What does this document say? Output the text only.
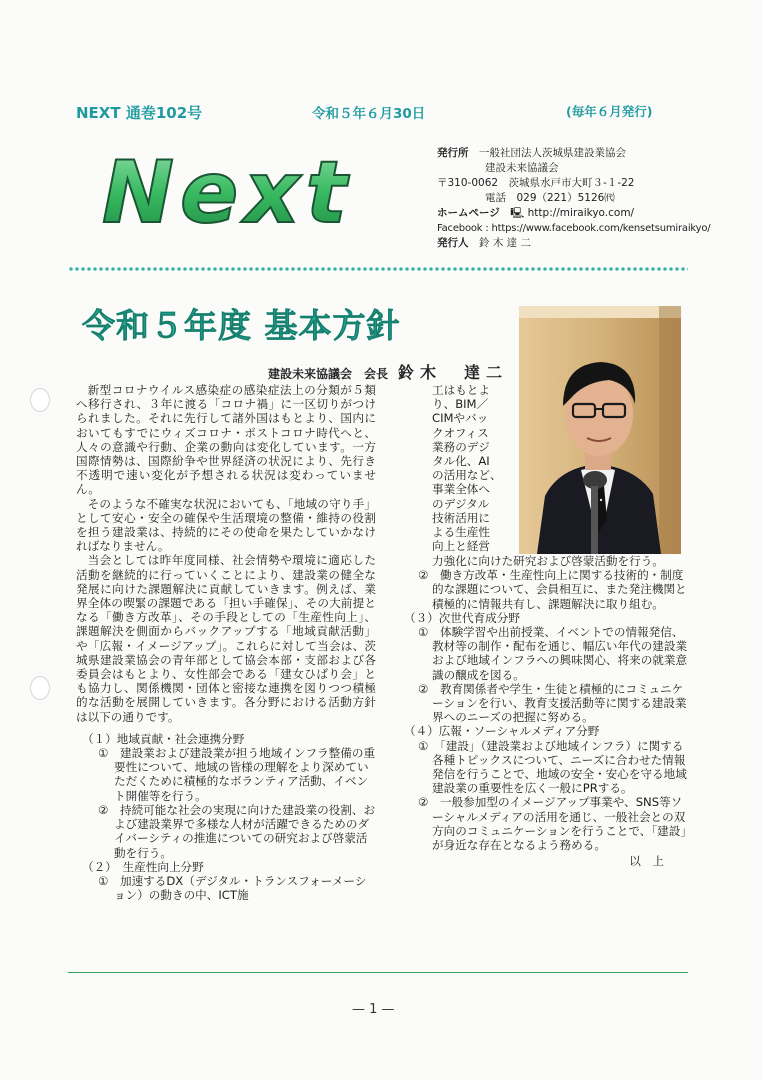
NEXT 通巻102号	令和５年６月30日	(毎年６月発行)
Next	発行所　 一般社団法人茨城県建設業協会
建設未来協議会
〒310-0062　茨城県水戸市大町３-１-22
電話　029（221）5126㈹
ホームページ　 🖳 http://miraikyo.com/
Facebook : https://www.facebook.com/kensetsumiraikyo/
発行人　 鈴 木 達 二
令和５年度 基本方針
建設未来協議会　会長 鈴木　達二

新型コロナウイルス感染症の感染症法上の分類が５類へ移行され、３年に渡る「コロナ禍」に一区切りがつけられました。それに先行して諸外国はもとより、国内においてもすでにウィズコロナ・ポストコロナ時代へと、人々の意識や行動、企業の動向は変化しています。一方国際情勢は、国際紛争や世界経済の状況により、先行き不透明で速い変化が予想される状況は変わっていません。

そのような不確実な状況においても、「地域の守り手」として安心・安全の確保や生活環境の整備・維持の役割を担う建設業は、持続的にその使命を果たしていかなければなりません。

当会としては昨年度同様、社会情勢や環境に適応した活動を継続的に行っていくことにより、建設業の健全な発展に向けた課題解決に貢献していきます。例えば、業界全体の喫緊の課題である「担い手確保」、その大前提となる「働き方改革」、その手段としての「生産性向上」、課題解決を側面からバックアップする「地域貢献活動」や「広報・イメージアップ」。これらに対して当会は、茨城県建設業協会の青年部として協会本部・支部および各委員会はもとより、女性部会である「建女ひばり会」とも協力し、関係機関・団体と密接な連携を図りつつ積極的な活動を展開していきます。各分野における活動方針は以下の通りです。

（１）地域貢献・社会連携分野
①　建設業および建設業が担う地域インフラ整備の重要性について、地域の皆様の理解をより深めていただくために積極的なボランティア活動、イベント開催等を行う。
②　持続可能な社会の実現に向けた建設業の役割、および建設業界で多様な人材が活躍できるためのダイバーシティの推進についての研究および啓蒙活動を行う。
（２）　生産性向上分野
①　加速するDX（デジタル・トランスフォーメーション）の動きの中、ICT施
工はもとよ
り、BIM／
CIMやバッ
クオフィス
業務のデジ
タル化、AI
の活用など、
事業全体へ
のデジタル
技術活用に
よる生産性
向上と経営
力強化に向けた研究および啓蒙活動を行う。
②　働き方改革・生産性向上に関する技術的・制度的な課題について、会員相互に、また発注機関と積極的に情報共有し、課題解決に取り組む。
（３）次世代育成分野
①　体験学習や出前授業、イベントでの情報発信、教材等の制作・配布を通じ、幅広い年代の建設業および地域インフラへの興味関心、将来の就業意識の醸成を図る。
②　教育関係者や学生・生徒と積極的にコミュニケーションを行い、教育支援活動等に関する建設業界へのニーズの把握に努める。
（４）広報・ソーシャルメディア分野
①　「建設」（建設業および地域インフラ）に関する各種トピックスについて、ニーズに合わせた情報発信を行うことで、地域の安全・安心を守る地域建設業の重要性を広く一般にPRする。
②　一般参加型のイメージアップ事業や、SNS等ソーシャルメディアの活用を通じ、一般社会との双方向のコミュニケーションを行うことで、「建設」が身近な存在となるよう務める。
以　上
— 1 —
